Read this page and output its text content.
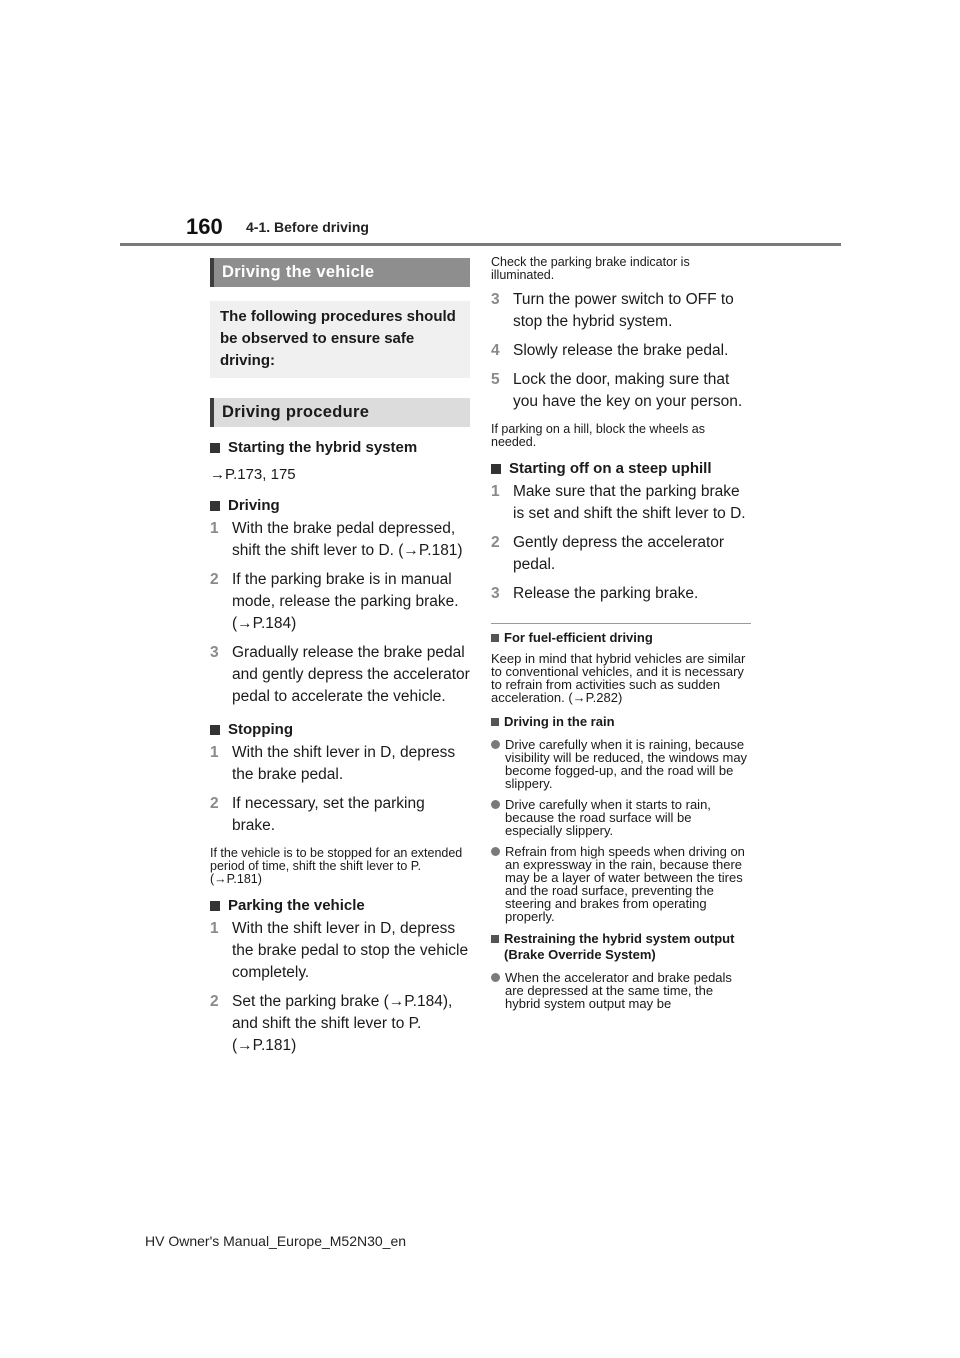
160 4-1. Before driving
Driving the vehicle
The following procedures should be observed to ensure safe driving:
Driving procedure
Starting the hybrid system
→P.173, 175
Driving
1 With the brake pedal depressed, shift the shift lever to D. (→P.181)
2 If the parking brake is in manual mode, release the parking brake. (→P.184)
3 Gradually release the brake pedal and gently depress the accelerator pedal to accelerate the vehicle.
Stopping
1 With the shift lever in D, depress the brake pedal.
2 If necessary, set the parking brake.
If the vehicle is to be stopped for an extended period of time, shift the shift lever to P. (→P.181)
Parking the vehicle
1 With the shift lever in D, depress the brake pedal to stop the vehicle completely.
2 Set the parking brake (→P.184), and shift the shift lever to P. (→P.181)
Check the parking brake indicator is illuminated.
3 Turn the power switch to OFF to stop the hybrid system.
4 Slowly release the brake pedal.
5 Lock the door, making sure that you have the key on your person.
If parking on a hill, block the wheels as needed.
Starting off on a steep uphill
1 Make sure that the parking brake is set and shift the shift lever to D.
2 Gently depress the accelerator pedal.
3 Release the parking brake.
For fuel-efficient driving
Keep in mind that hybrid vehicles are similar to conventional vehicles, and it is necessary to refrain from activities such as sudden acceleration. (→P.282)
Driving in the rain
Drive carefully when it is raining, because visibility will be reduced, the windows may become fogged-up, and the road will be slippery.
Drive carefully when it starts to rain, because the road surface will be especially slippery.
Refrain from high speeds when driving on an expressway in the rain, because there may be a layer of water between the tires and the road surface, preventing the steering and brakes from operating properly.
Restraining the hybrid system output (Brake Override System)
When the accelerator and brake pedals are depressed at the same time, the hybrid system output may be
HV Owner's Manual_Europe_M52N30_en
